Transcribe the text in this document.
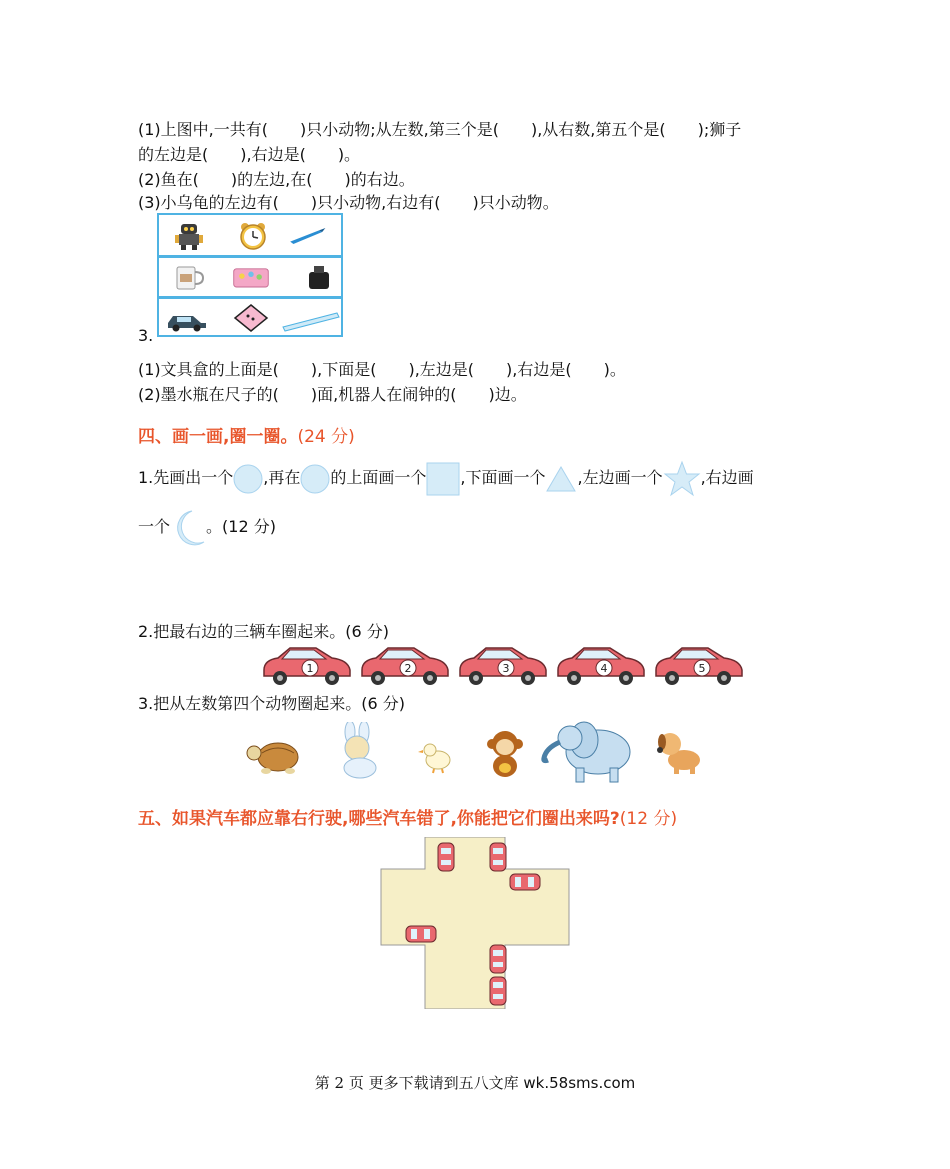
(1)上图中,一共有(　　)只小动物;从左数,第三个是(　　),从右数,第五个是(　　);狮子
的左边是(　　),右边是(　　)。
(2)鱼在(　　)的左边,在(　　)的右边。
(3)小乌龟的左边有(　　)只小动物,右边有(　　)只小动物。
3.
(1)文具盒的上面是(　　),下面是(　　),左边是(　　),右边是(　　)。
(2)墨水瓶在尺子的(　　)面,机器人在闹钟的(　　)边。
四、画一画,圈一圈。(24 分)
1.先画出一个 ,再在 的上面画一个 ,下面画一个 ,左边画一个 ,右边画
一个 。(12 分)
2.把最右边的三辆车圈起来。(6 分)
1	2	3	4	5
3.把从左数第四个动物圈起来。(6 分)
五、如果汽车都应靠右行驶,哪些汽车错了,你能把它们圈出来吗?(12 分)
第 2 页 更多下载请到五八文库 wk.58sms.com
